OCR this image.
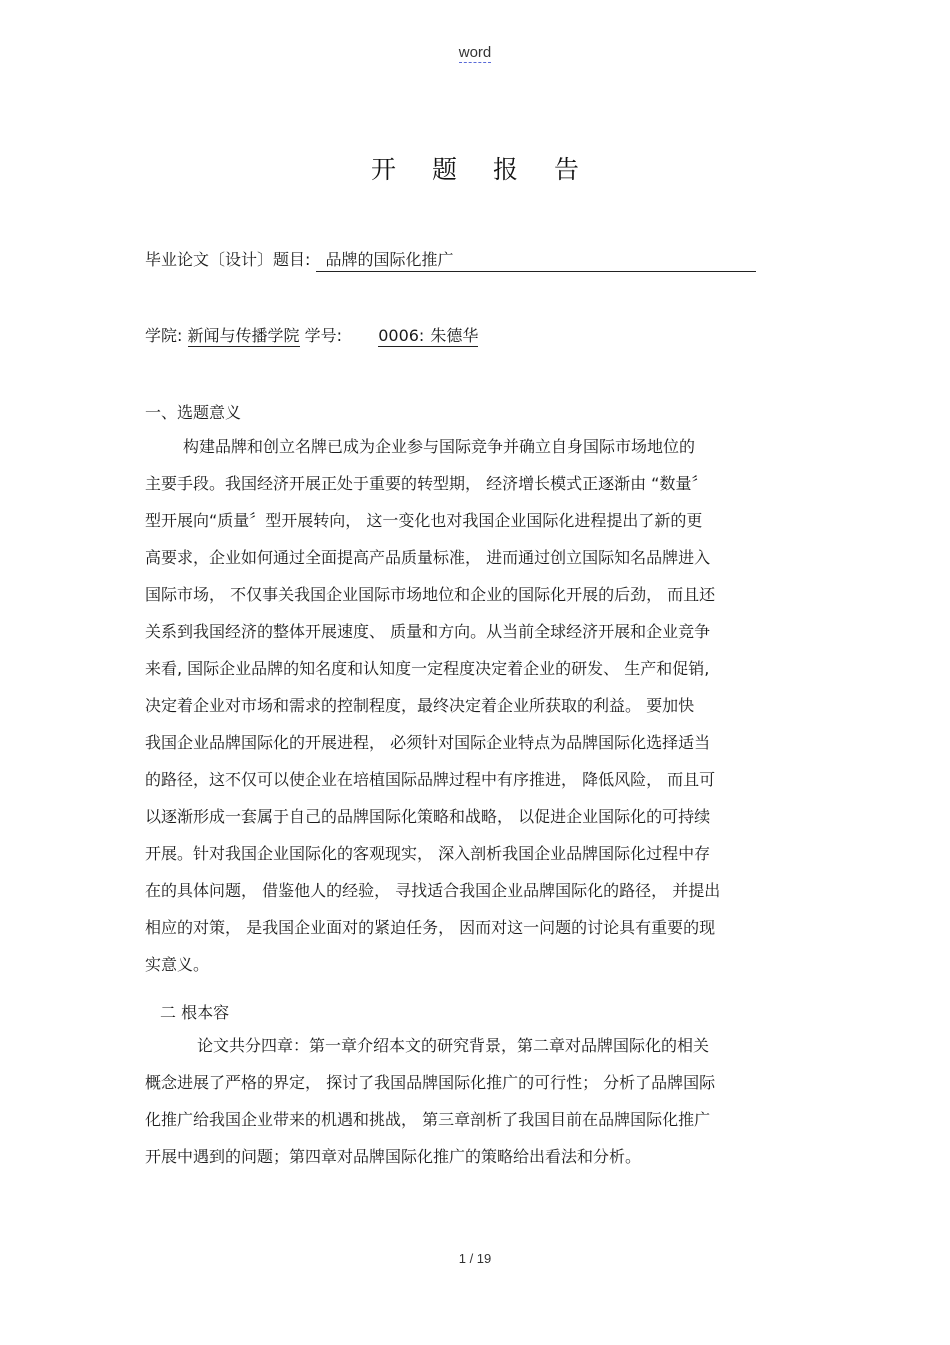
word
开题报告
毕业论文〔设计〕题目: 品牌的国际化推广
学院: 新闻与传播学院 学号: 0006: 朱德华
一、选题意义
构建品牌和创立名牌已成为企业参与国际竞争并确立自身国际市场地位的
主要手段。我国经济开展正处于重要的转型期， 经济增长模式正逐渐由 “数量〞
型开展向“质量〞型开展转向， 这一变化也对我国企业国际化进程提出了新的更
高要求，企业如何通过全面提高产品质量标准， 进而通过创立国际知名品牌进入
国际市场， 不仅事关我国企业国际市场地位和企业的国际化开展的后劲， 而且还
关系到我国经济的整体开展速度、 质量和方向。从当前全球经济开展和企业竞争
来看, 国际企业品牌的知名度和认知度一定程度决定着企业的研发、 生产和促销,
决定着企业对市场和需求的控制程度，最终决定着企业所获取的利益。 要加快
我国企业品牌国际化的开展进程， 必须针对国际企业特点为品牌国际化选择适当
的路径，这不仅可以使企业在培植国际品牌过程中有序推进， 降低风险， 而且可
以逐渐形成一套属于自己的品牌国际化策略和战略， 以促进企业国际化的可持续
开展。针对我国企业国际化的客观现实， 深入剖析我国企业品牌国际化过程中存
在的具体问题， 借鉴他人的经验， 寻找适合我国企业品牌国际化的路径， 并提出
相应的对策， 是我国企业面对的紧迫任务， 因而对这一问题的讨论具有重要的现
实意义。
二 根本容
论文共分四章：第一章介绍本文的研究背景，第二章对品牌国际化的相关
概念进展了严格的界定， 探讨了我国品牌国际化推广的可行性； 分析了品牌国际
化推广给我国企业带来的机遇和挑战， 第三章剖析了我国目前在品牌国际化推广
开展中遇到的问题；第四章对品牌国际化推广的策略给出看法和分析。
1 / 19
